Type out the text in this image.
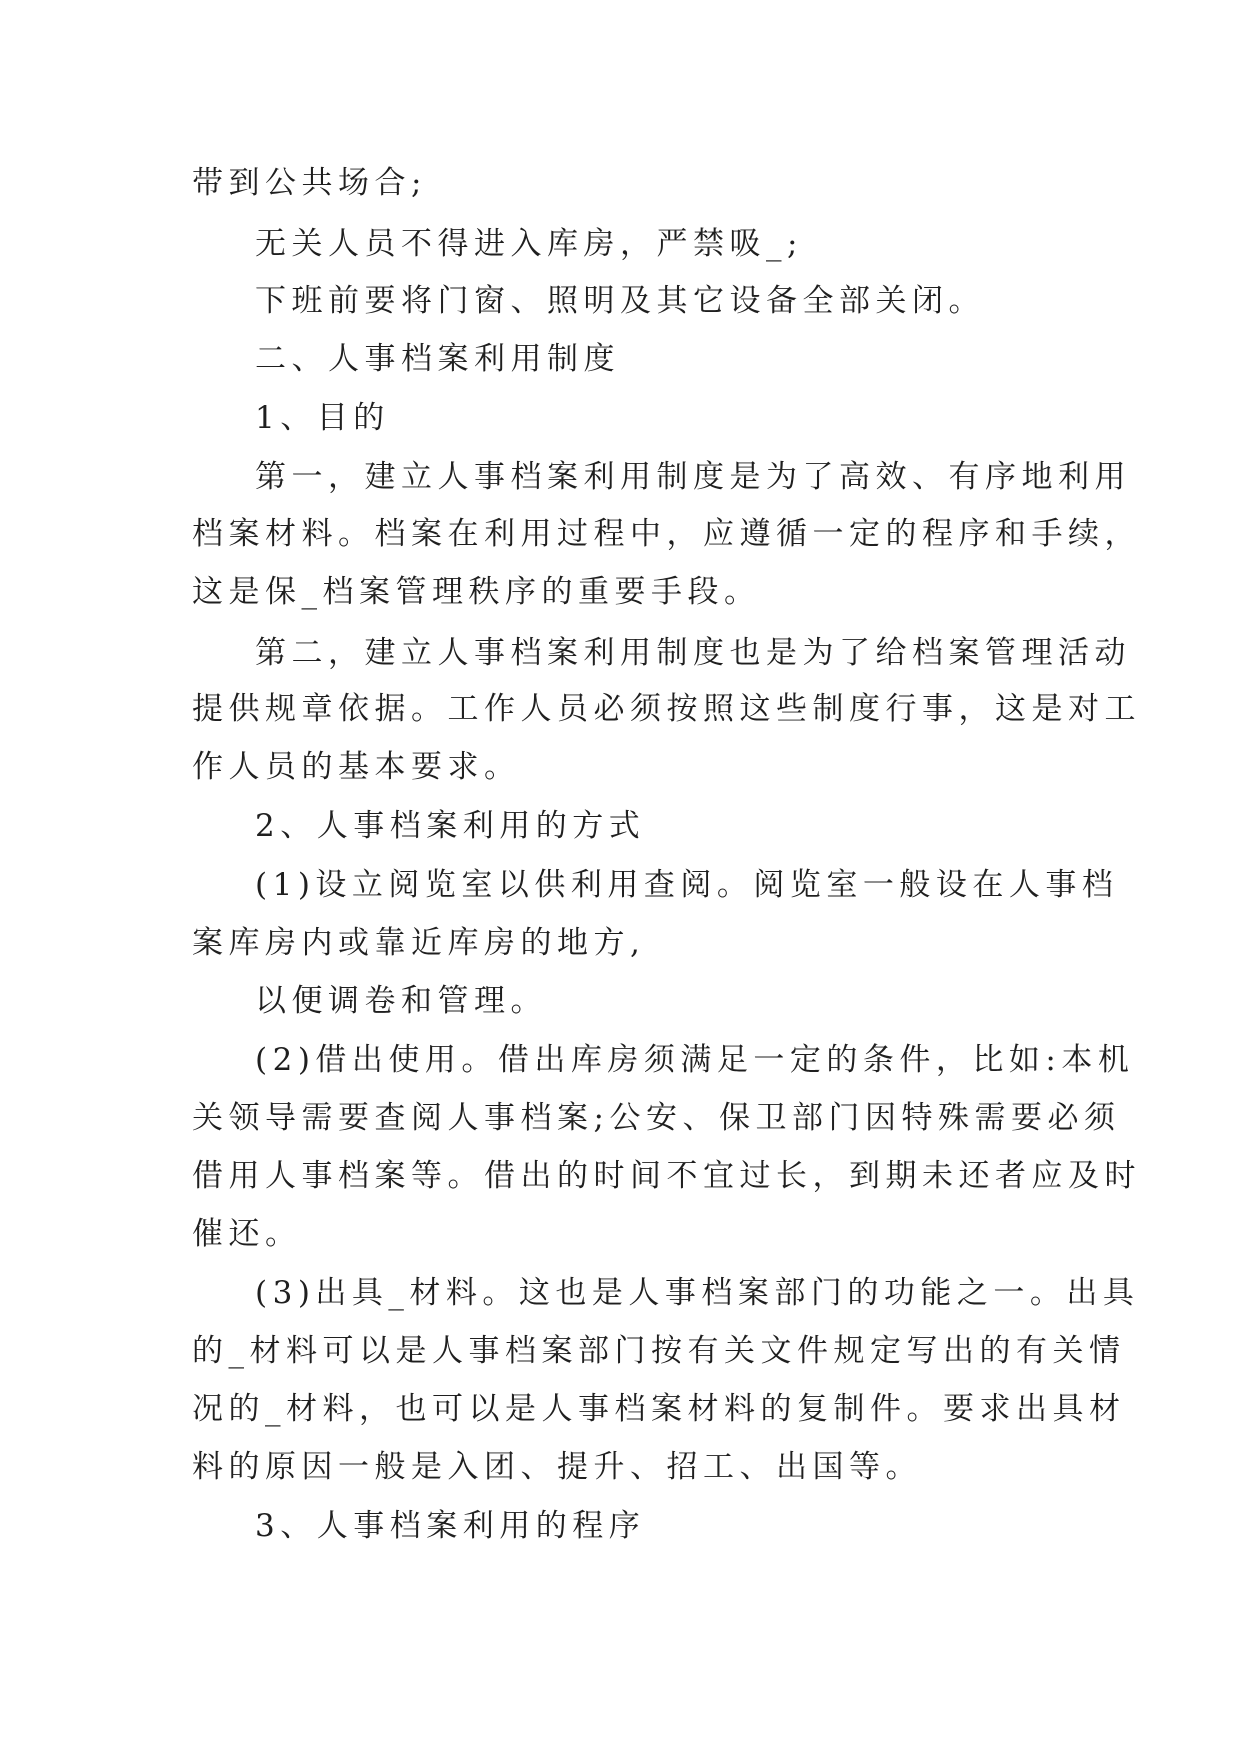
带到公共场合;
无关人员不得进入库房，严禁吸_;
下班前要将门窗、照明及其它设备全部关闭。
二、人事档案利用制度
1、目的
第一，建立人事档案利用制度是为了高效、有序地利用
档案材料。档案在利用过程中，应遵循一定的程序和手续，
这是保_档案管理秩序的重要手段。
第二，建立人事档案利用制度也是为了给档案管理活动
提供规章依据。工作人员必须按照这些制度行事，这是对工
作人员的基本要求。
2、人事档案利用的方式
(1)设立阅览室以供利用查阅。阅览室一般设在人事档
案库房内或靠近库房的地方,
以便调卷和管理。
(2)借出使用。借出库房须满足一定的条件，比如:本机
关领导需要查阅人事档案;公安、保卫部门因特殊需要必须
借用人事档案等。借出的时间不宜过长，到期未还者应及时
催还。
(3)出具_材料。这也是人事档案部门的功能之一。出具
的_材料可以是人事档案部门按有关文件规定写出的有关情
况的_材料，也可以是人事档案材料的复制件。要求出具材
料的原因一般是入团、提升、招工、出国等。
3、人事档案利用的程序
